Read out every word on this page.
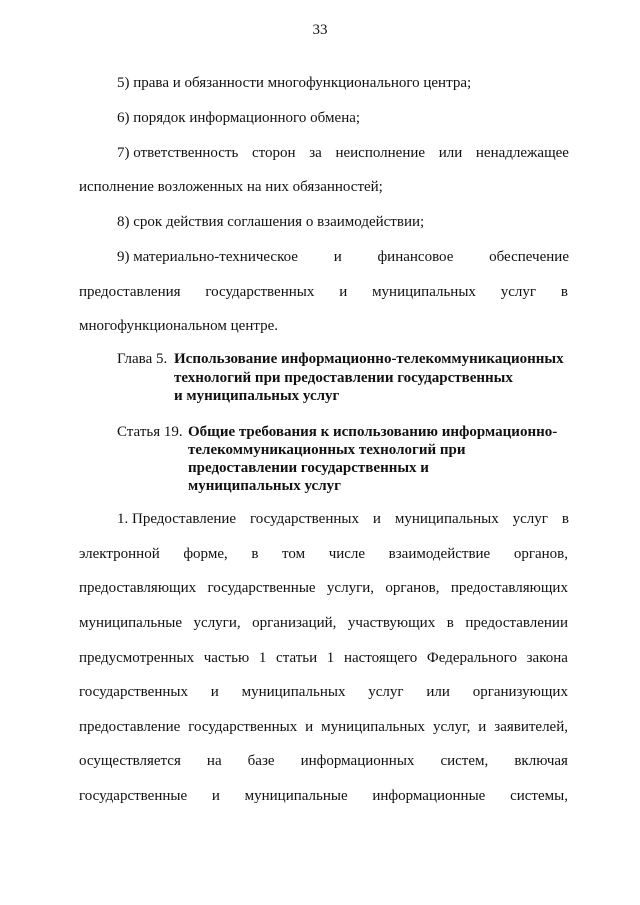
33
5) права и обязанности многофункционального центра;
6) порядок информационного обмена;
7) ответственность сторон за неисполнение или ненадлежащее
исполнение возложенных на них обязанностей;
8) срок действия соглашения о взаимодействии;
9) материально-техническое и финансовое обеспечение
предоставления государственных и муниципальных услуг в
многофункциональном центре.
Глава 5. Использование информационно-телекоммуникационных
технологий при предоставлении государственных
и муниципальных услуг
Статья 19. Общие требования к использованию информационно-
телекоммуникационных технологий при
предоставлении государственных и
муниципальных услуг
1. Предоставление государственных и муниципальных услуг в
электронной форме, в том числе взаимодействие органов,
предоставляющих государственные услуги, органов, предоставляющих
муниципальные услуги, организаций, участвующих в предоставлении
предусмотренных частью 1 статьи 1 настоящего Федерального закона
государственных и муниципальных услуг или организующих
предоставление государственных и муниципальных услуг, и заявителей,
осуществляется на базе информационных систем, включая
государственные и муниципальные информационные системы,
